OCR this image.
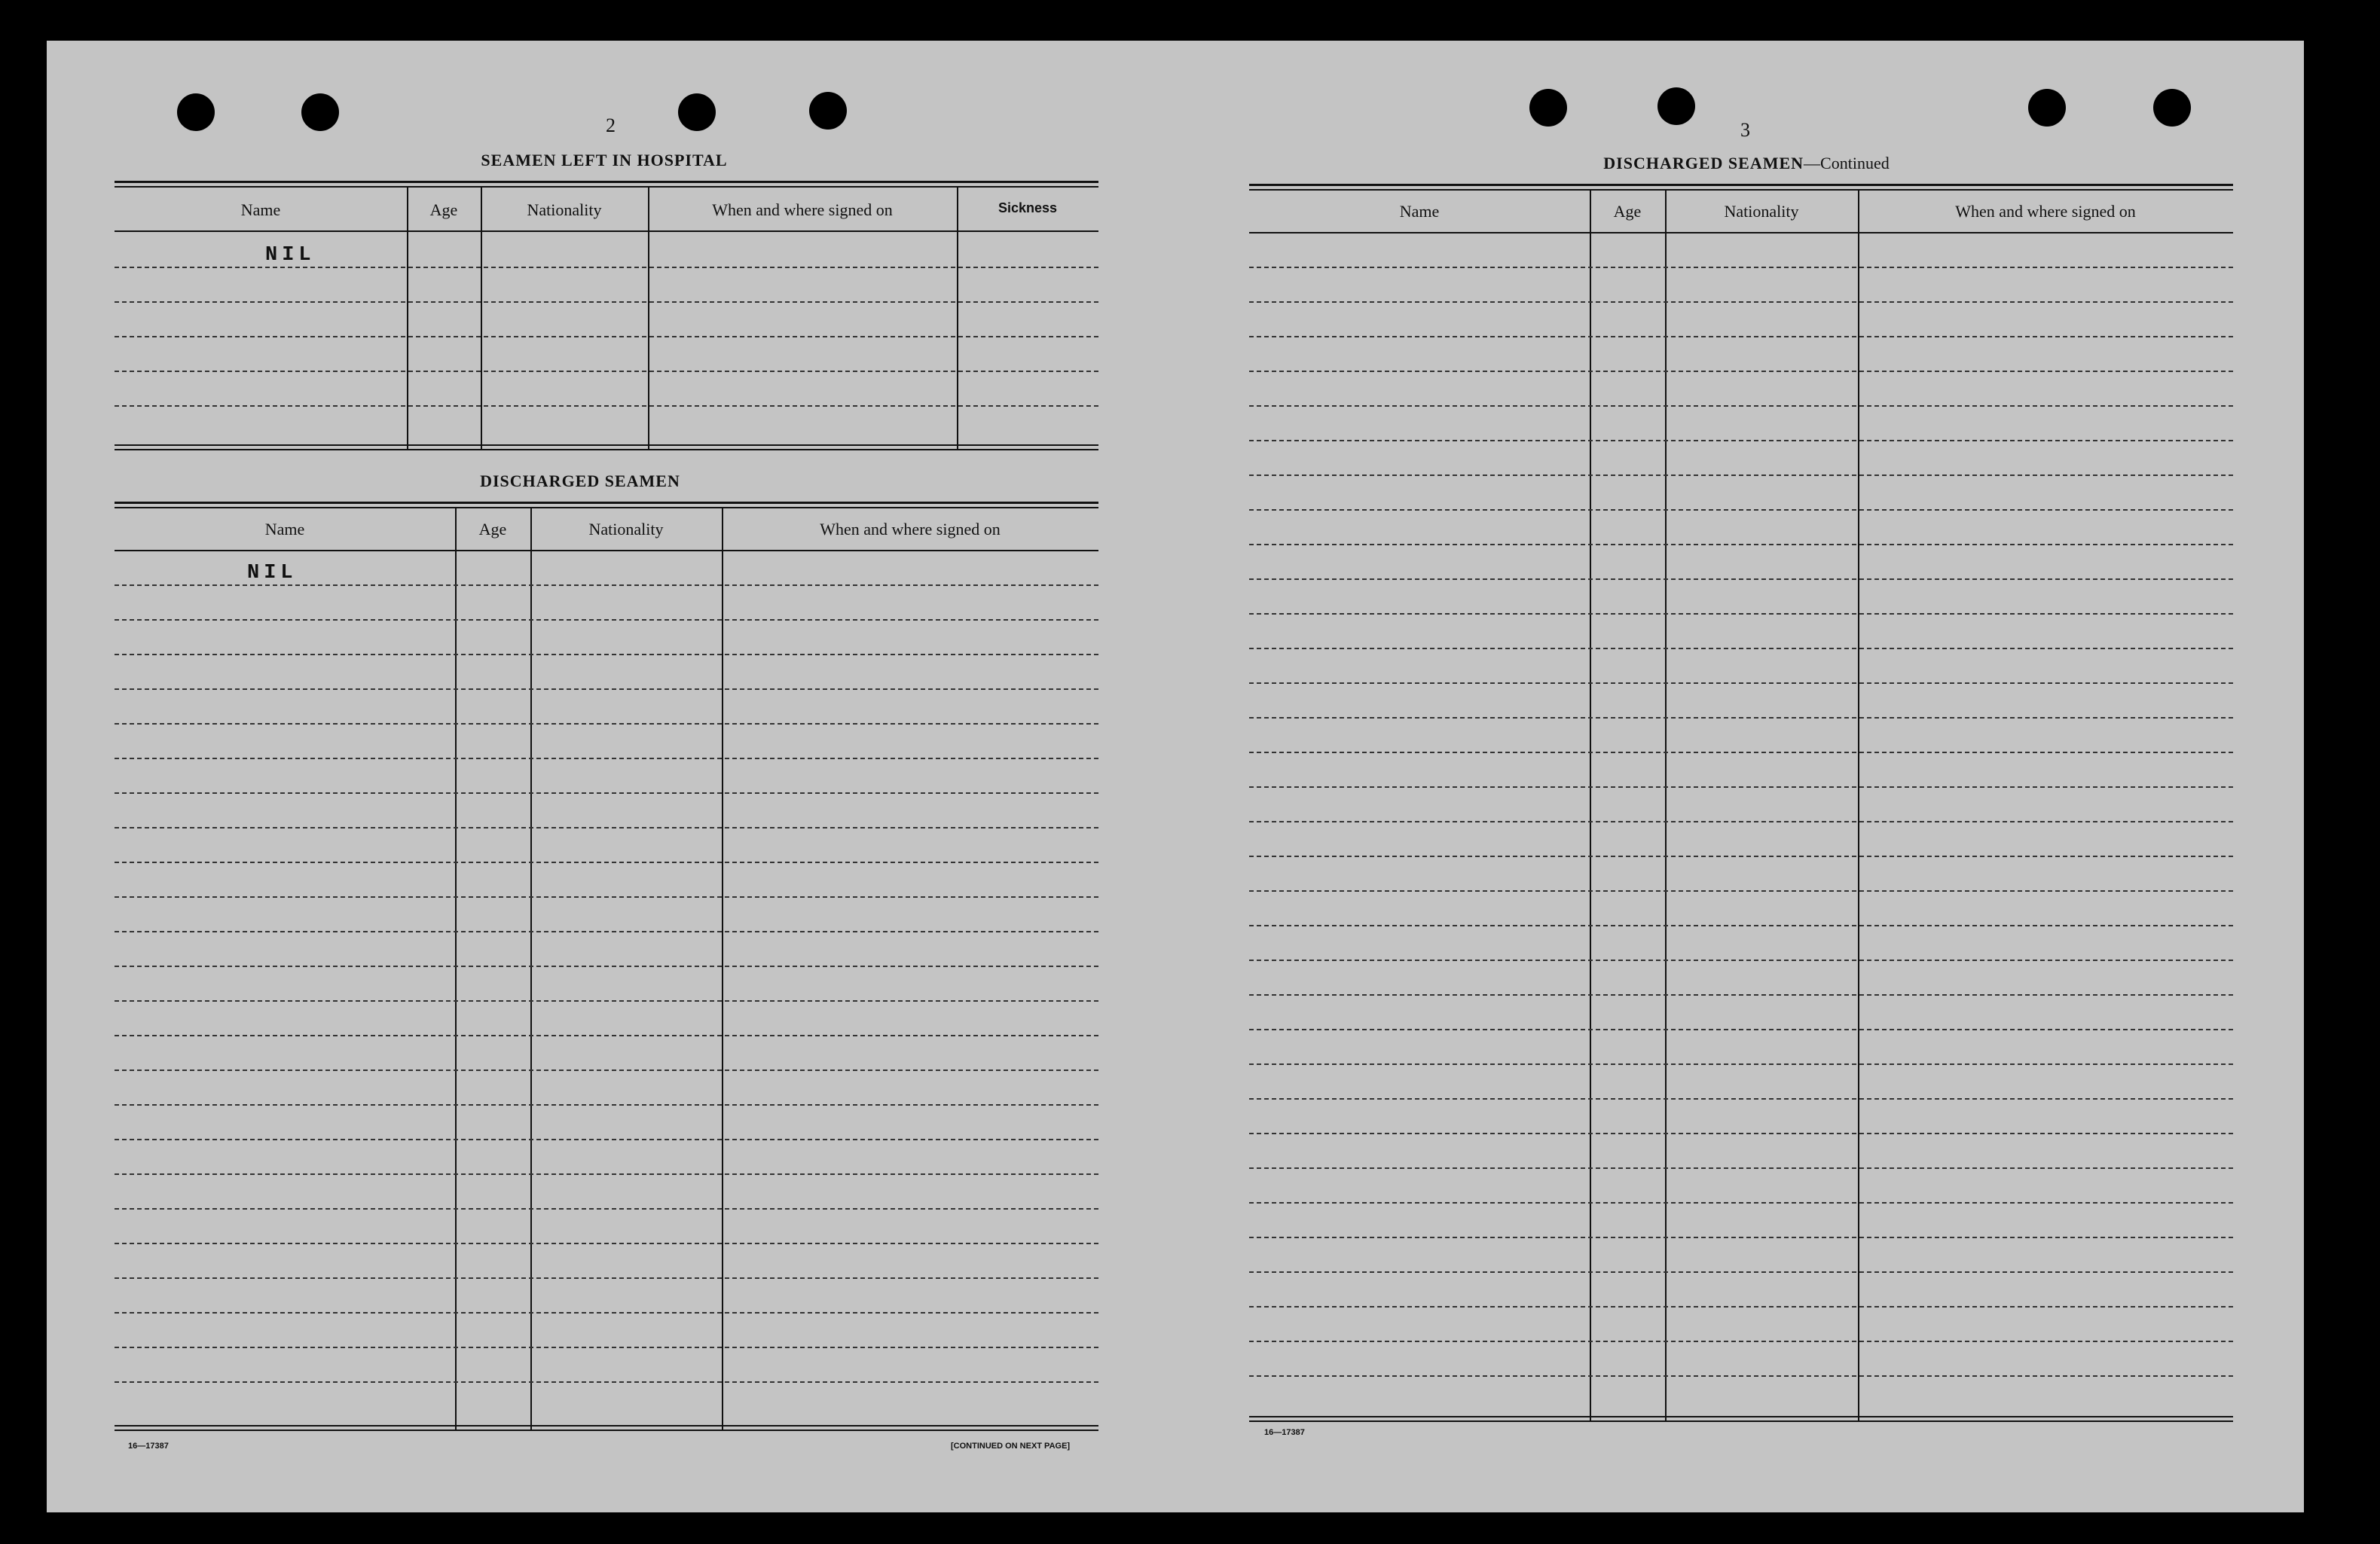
2
SEAMEN LEFT IN HOSPITAL
Name	Age	Nationality	When and where signed on	Sickness
NIL
DISCHARGED SEAMEN
Name	Age	Nationality	When and where signed on
NIL
16—17387	[CONTINUED ON NEXT PAGE]
3
DISCHARGED SEAMEN—Continued
Name	Age	Nationality	When and where signed on
16—17387
